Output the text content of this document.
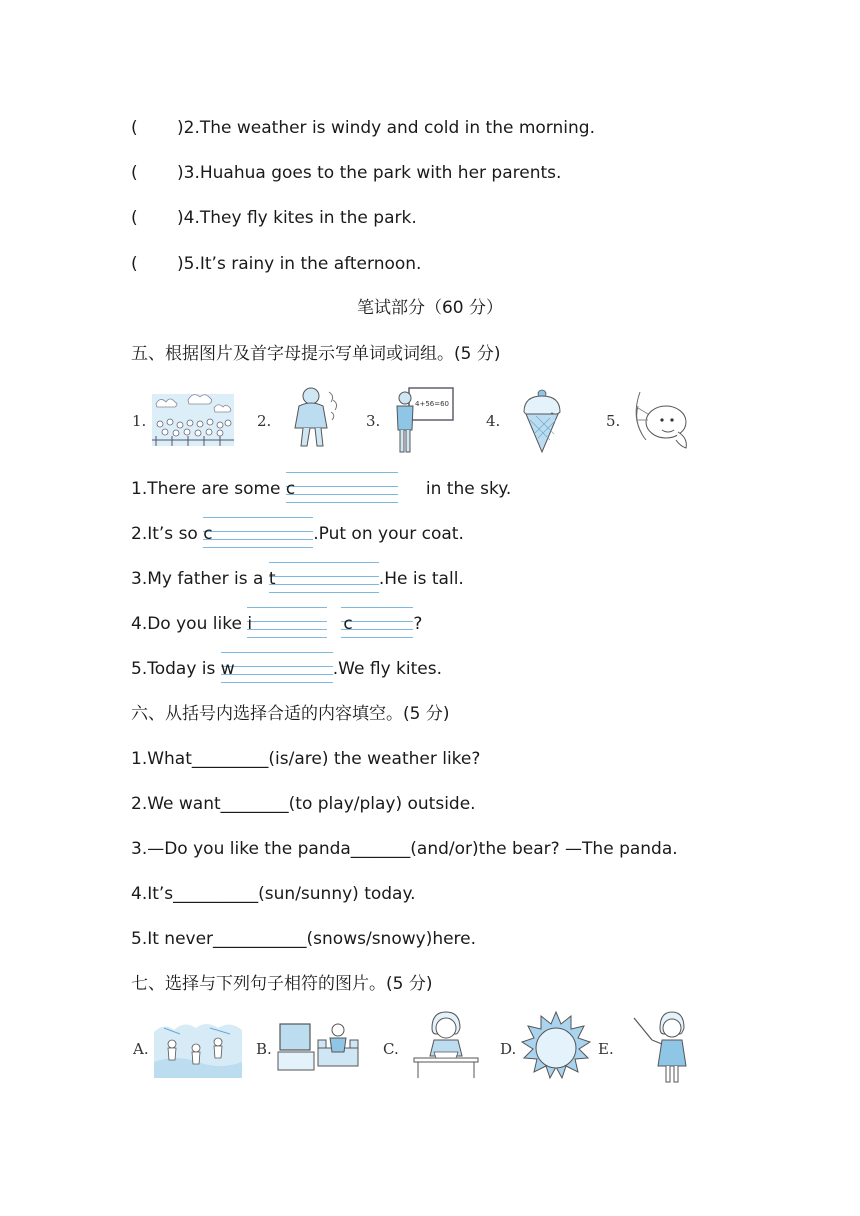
( )2.The weather is windy and cold in the morning.
( )3.Huahua goes to the park with her parents.
( )4.They fly kites in the park.
( )5.It’s rainy in the afternoon.
笔试部分（60 分）
五、根据图片及首字母提示写单词或词组。(5 分)
1.	2.	3.
4+56=60
4.	5.
1.There are some
c	in the sky.
2.It’s so
c	.Put on your coat.
3.My father is a
t	.He is tall.
4.Do you like
i	c	?
5.Today is
w	.We fly kites.
六、从括号内选择合适的内容填空。(5 分)
1.What_________(is/are) the weather like?
2.We want________(to play/play) outside.
3.—Do you like the panda_______(and/or)the bear? —The panda.
4.It’s__________(sun/sunny) today.
5.It never___________(snows/snowy)here.
七、选择与下列句子相符的图片。(5 分)
A.	B.	C.	D.	E.
